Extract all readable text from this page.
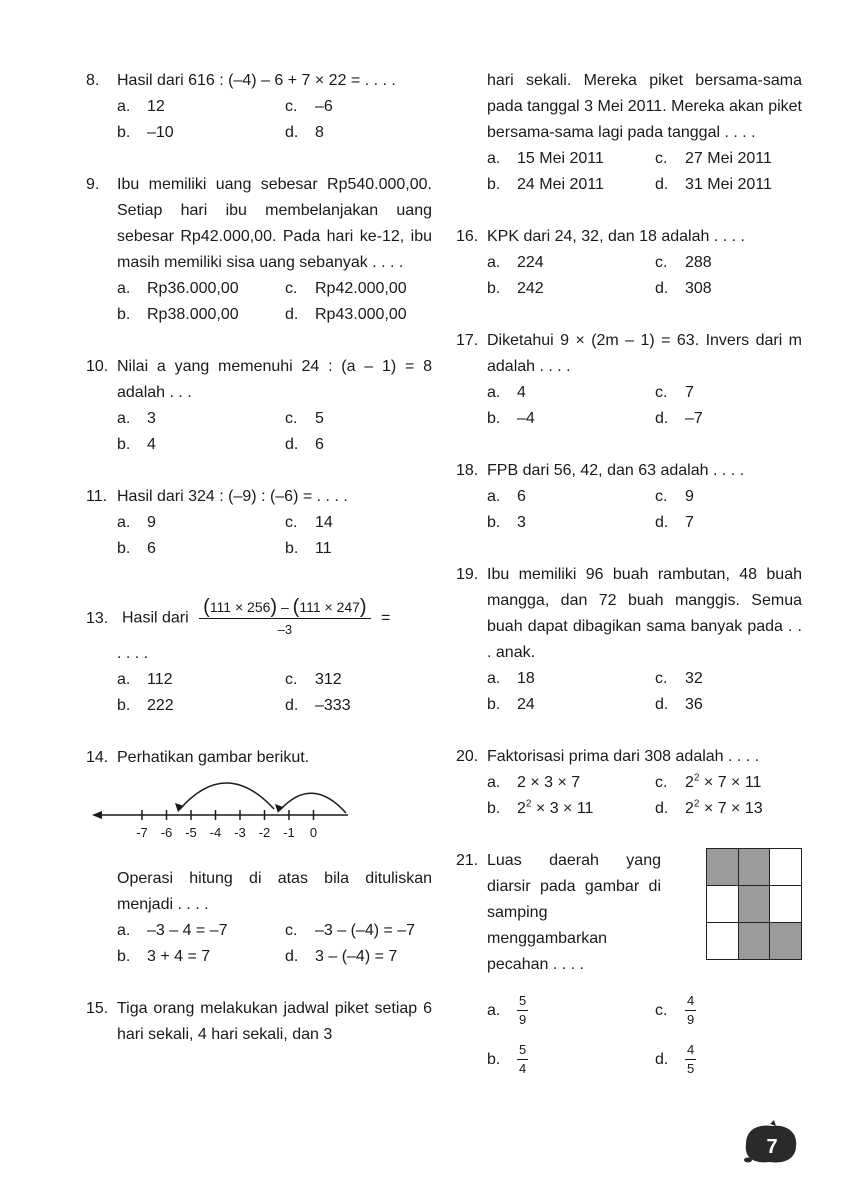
8.	Hasil dari 616 : (–4) – 6 + 7 × 22 = . . . .
a. 12	c. –6
b. –10	d. 8
9.	Ibu memiliki uang sebesar Rp540.000,00. Setiap hari ibu membelanjakan uang sebesar Rp42.000,00. Pada hari ke-12, ibu masih memiliki sisa uang sebanyak . . . .
a. Rp36.000,00	c. Rp42.000,00
b. Rp38.000,00	d. Rp43.000,00
10. Nilai a yang memenuhi 24 : (a – 1) = 8 adalah . . .
a. 3	c. 5
b. 4	d. 6
11. Hasil dari 324 : (–9) : (–6) = . . . .
a. 9	c. 14
b. 6	b. 11
13. Hasil dari $\frac{(111 \times 256) - (111 \times 247)}{-3}$ =
. . . .
a. 112	c. 312
b. 222	d. –333
14. Perhatikan gambar berikut.
-7 -6 -5 -4 -3 -2 -1 0
Operasi hitung di atas bila dituliskan menjadi . . . .
a. –3 – 4 = –7	c. –3 – (–4) = –7
b. 3 + 4 = 7	d. 3 – (–4) = 7
15. Tiga orang melakukan jadwal piket setiap 6 hari sekali, 4 hari sekali, dan 3
hari sekali. Mereka piket bersama-sama pada tanggal 3 Mei 2011. Mereka akan piket bersama-sama lagi pada tanggal . . . .
a. 15 Mei 2011	c. 27 Mei 2011
b. 24 Mei 2011	d. 31 Mei 2011
16. KPK dari 24, 32, dan 18 adalah . . . .
a. 224	c. 288
b. 242	d. 308
17. Diketahui 9 × (2m – 1) = 63. Invers dari m adalah . . . .
a. 4	c. 7
b. –4	d. –7
18. FPB dari 56, 42, dan 63 adalah . . . .
a. 6	c. 9
b. 3	d. 7
19. Ibu memiliki 96 buah rambutan, 48 buah mangga, dan 72 buah manggis. Semua buah dapat dibagikan sama banyak pada . . . anak.
a. 18	c. 32
b. 24	d. 36
20. Faktorisasi prima dari 308 adalah . . . .
a. 2 × 3 × 7	c. $2^2 \times 7 \times 11$
b. $2^2 \times 3 \times 11$	d. $2^2 \times 7 \times 13$

21. Luas daerah yang diarsir pada gambar di samping menggambarkan pecahan . . . .
a. $\frac{5}{9}$	c. $\frac{4}{9}$
b. $\frac{5}{4}$	d. $\frac{4}{5}$
7
